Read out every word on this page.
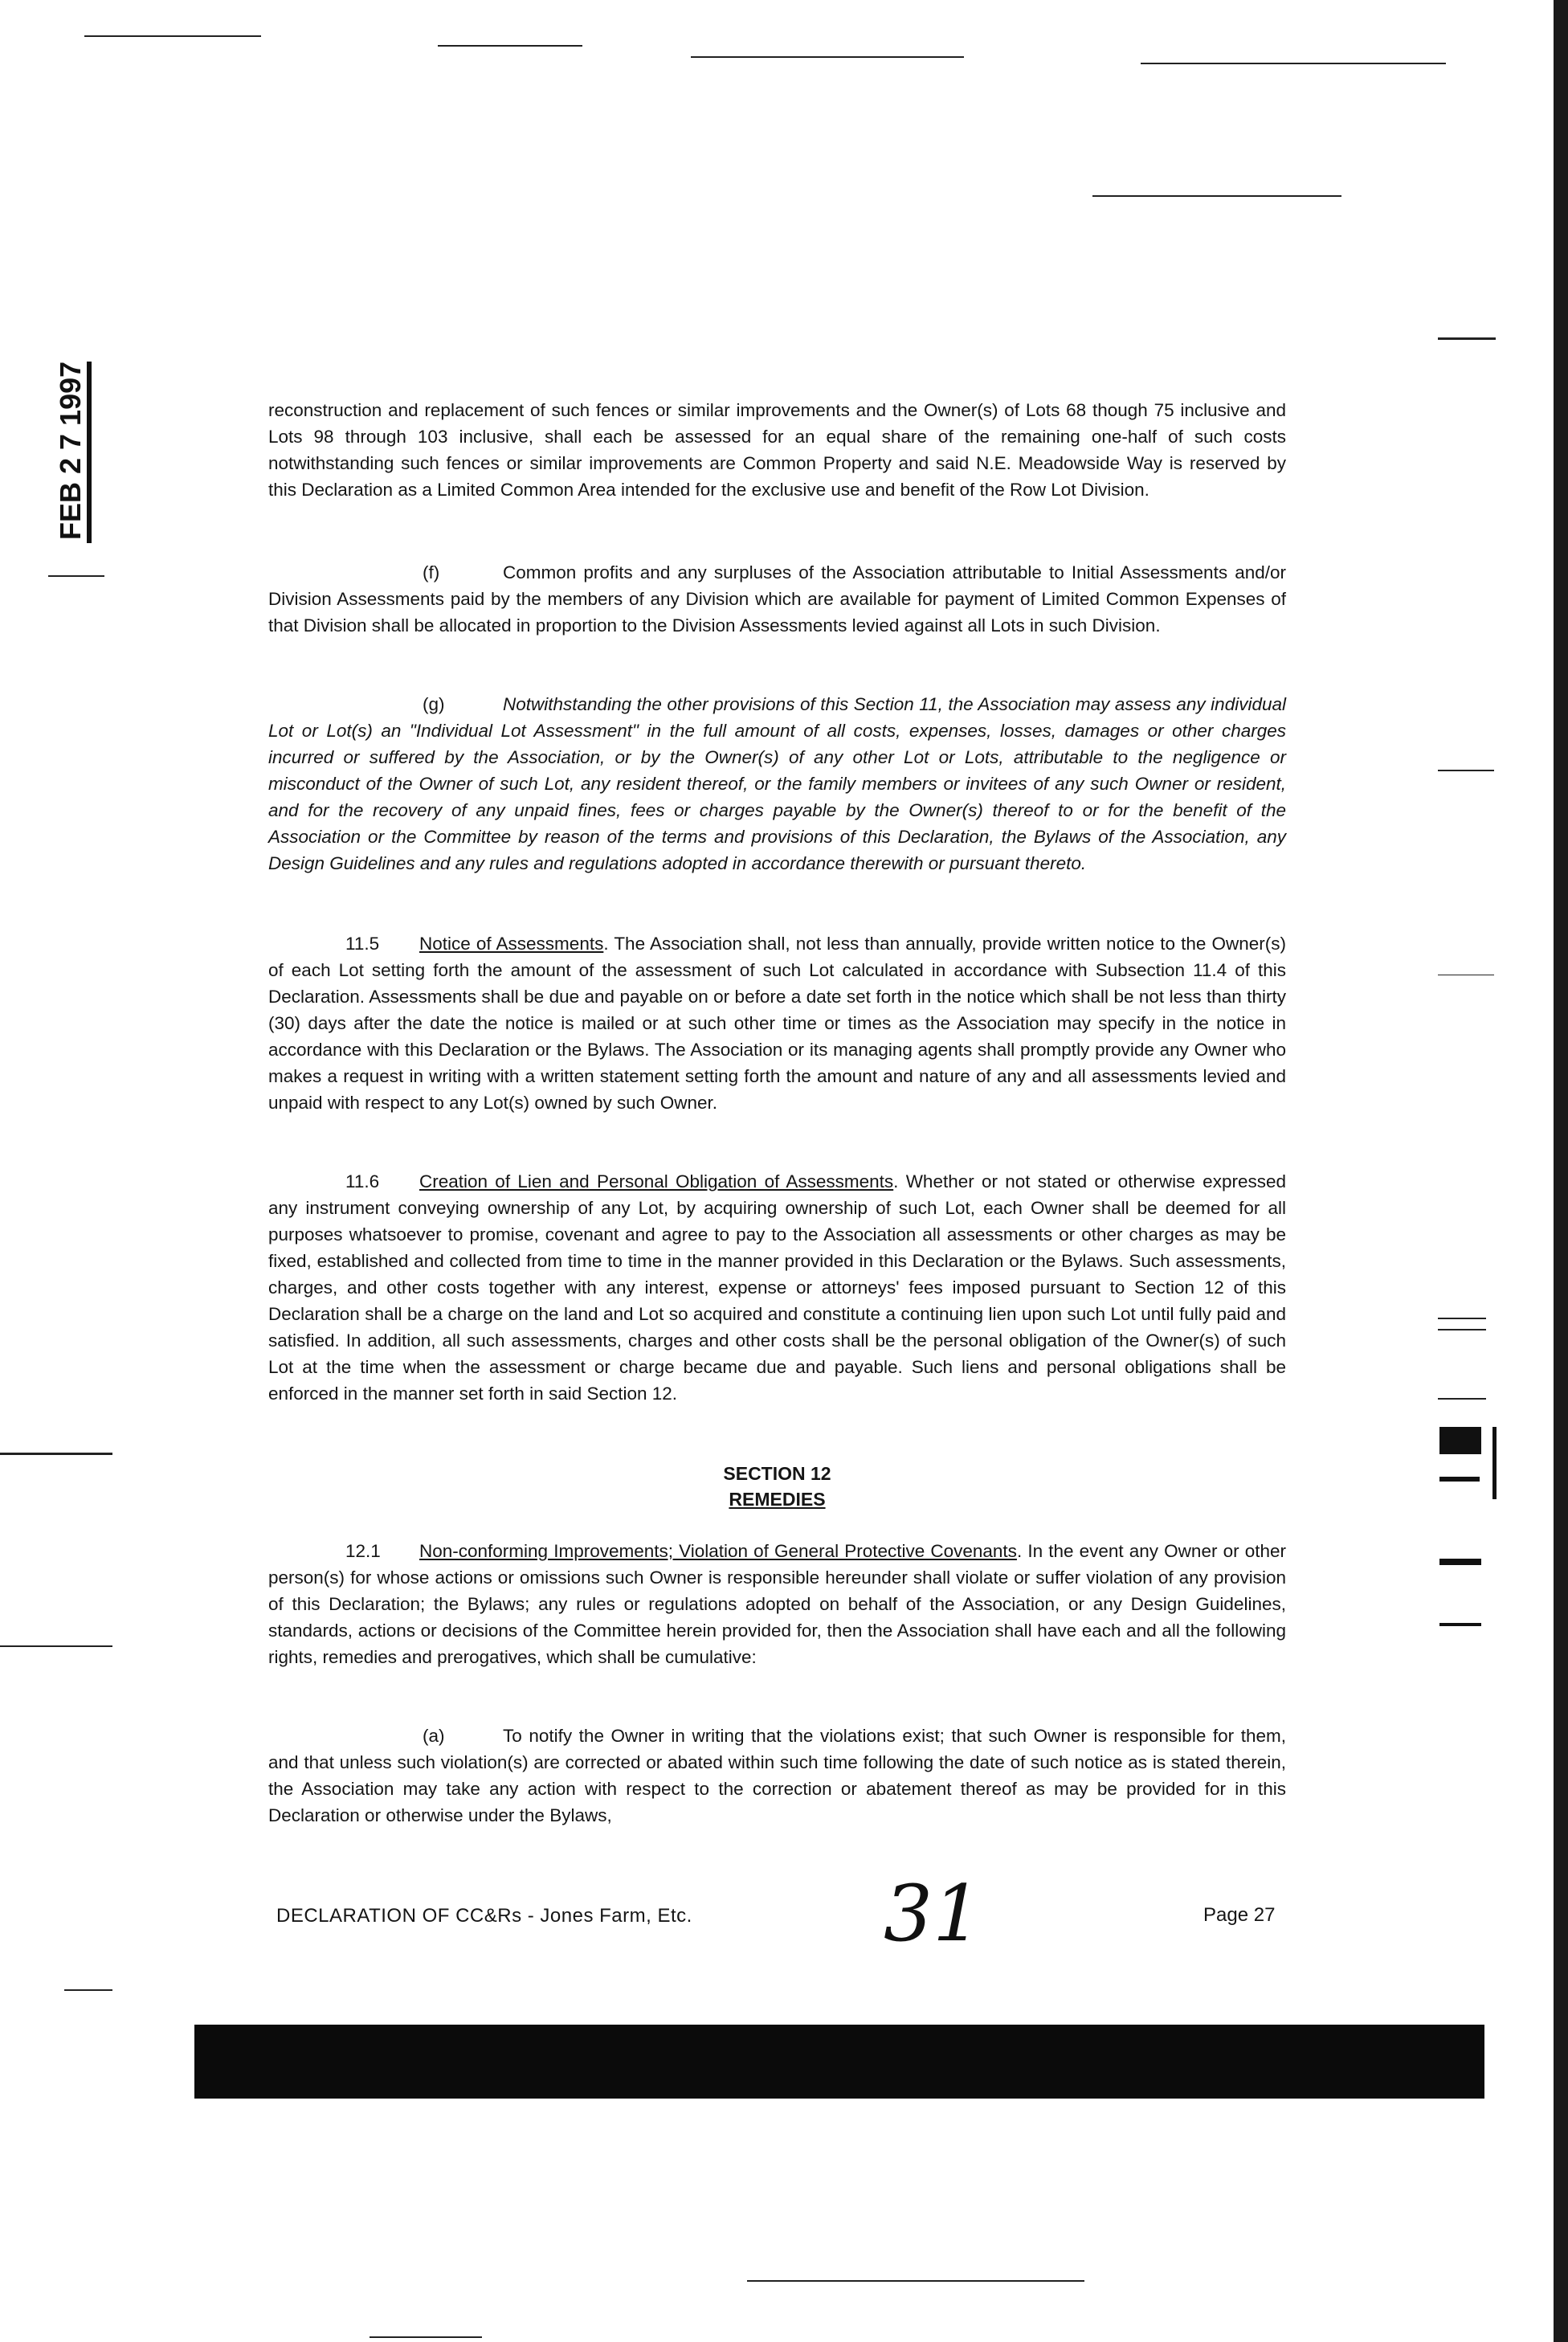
FEB 2 7 1997	reconstruction and replacement of such fences or similar improvements and the Owner(s) of Lots 68 though 75 inclusive and Lots 98 through 103 inclusive, shall each be assessed for an equal share of the remaining one-half of such costs notwithstanding such fences or similar improvements are Common Property and said N.E. Meadowside Way is reserved by this Declaration as a Limited Common Area intended for the exclusive use and benefit of the Row Lot Division.

(f)	Common profits and any surpluses of the Association attributable to Initial Assessments and/or Division Assessments paid by the members of any Division which are available for payment of Limited Common Expenses of that Division shall be allocated in proportion to the Division Assessments levied against all Lots in such Division.

(g)	Notwithstanding the other provisions of this Section 11, the Association may assess any individual Lot or Lot(s) an "Individual Lot Assessment" in the full amount of all costs, expenses, losses, damages or other charges incurred or suffered by the Association, or by the Owner(s) of any other Lot or Lots, attributable to the negligence or misconduct of the Owner of such Lot, any resident thereof, or the family members or invitees of any such Owner or resident, and for the recovery of any unpaid fines, fees or charges payable by the Owner(s) thereof to or for the benefit of the Association or the Committee by reason of the terms and provisions of this Declaration, the Bylaws of the Association, any Design Guidelines and any rules and regulations adopted in accordance therewith or pursuant thereto.

11.5 Notice of Assessments. The Association shall, not less than annually, provide written notice to the Owner(s) of each Lot setting forth the amount of the assessment of such Lot calculated in accordance with Subsection 11.4 of this Declaration. Assessments shall be due and payable on or before a date set forth in the notice which shall be not less than thirty (30) days after the date the notice is mailed or at such other time or times as the Association may specify in the notice in accordance with this Declaration or the Bylaws. The Association or its managing agents shall promptly provide any Owner who makes a request in writing with a written statement setting forth the amount and nature of any and all assessments levied and unpaid with respect to any Lot(s) owned by such Owner.

11.6 Creation of Lien and Personal Obligation of Assessments. Whether or not stated or otherwise expressed any instrument conveying ownership of any Lot, by acquiring ownership of such Lot, each Owner shall be deemed for all purposes whatsoever to promise, covenant and agree to pay to the Association all assessments or other charges as may be fixed, established and collected from time to time in the manner provided in this Declaration or the Bylaws. Such assessments, charges, and other costs together with any interest, expense or attorneys' fees imposed pursuant to Section 12 of this Declaration shall be a charge on the land and Lot so acquired and constitute a continuing lien upon such Lot until fully paid and satisfied. In addition, all such assessments, charges and other costs shall be the personal obligation of the Owner(s) of such Lot at the time when the assessment or charge became due and payable. Such liens and personal obligations shall be enforced in the manner set forth in said Section 12.

SECTION 12
REMEDIES

12.1 Non-conforming Improvements; Violation of General Protective Covenants. In the event any Owner or other person(s) for whose actions or omissions such Owner is responsible hereunder shall violate or suffer violation of any provision of this Declaration; the Bylaws; any rules or regulations adopted on behalf of the Association, or any Design Guidelines, standards, actions or decisions of the Committee herein provided for, then the Association shall have each and all the following rights, remedies and prerogatives, which shall be cumulative:

(a)	To notify the Owner in writing that the violations exist; that such Owner is responsible for them, and that unless such violation(s) are corrected or abated within such time following the date of such notice as is stated therein, the Association may take any action with respect to the correction or abatement thereof as may be provided for in this Declaration or otherwise under the Bylaws,

DECLARATION OF CC&Rs - Jones Farm, Etc. 31	Page 27
